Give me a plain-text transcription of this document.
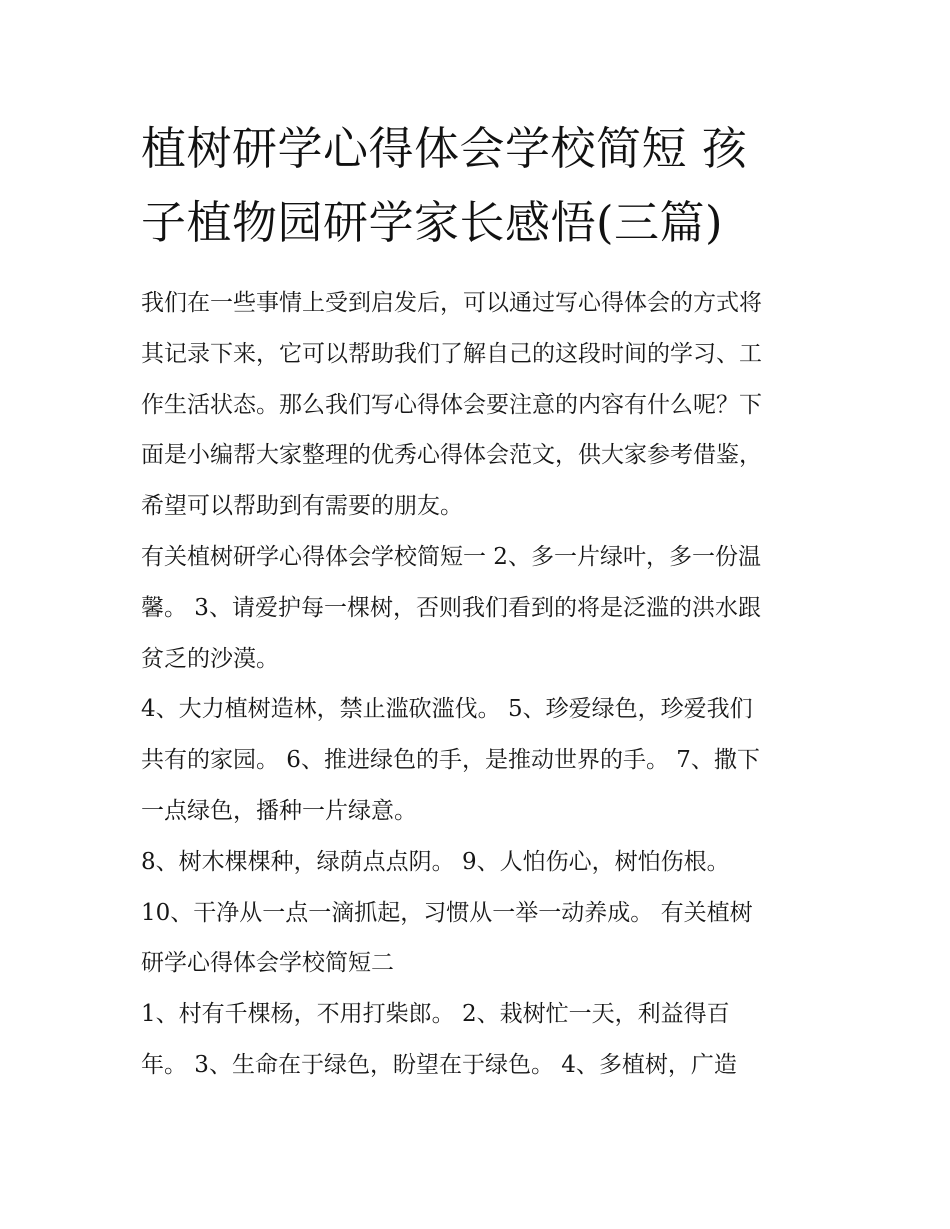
植树研学心得体会学校简短 孩
子植物园研学家长感悟(三篇)

我们在一些事情上受到启发后，可以通过写心得体会的方式将
其记录下来，它可以帮助我们了解自己的这段时间的学习、工
作生活状态。那么我们写心得体会要注意的内容有什么呢？下
面是小编帮大家整理的优秀心得体会范文，供大家参考借鉴，
希望可以帮助到有需要的朋友。

有关植树研学心得体会学校简短一 2、多一片绿叶，多一份温
馨。 3、请爱护每一棵树，否则我们看到的将是泛滥的洪水跟
贫乏的沙漠。

4、大力植树造林，禁止滥砍滥伐。 5、珍爱绿色，珍爱我们
共有的家园。 6、推进绿色的手，是推动世界的手。 7、撒下
一点绿色，播种一片绿意。

8、树木棵棵种，绿荫点点阴。 9、人怕伤心，树怕伤根。

10、干净从一点一滴抓起，习惯从一举一动养成。 有关植树
研学心得体会学校简短二

1、村有千棵杨，不用打柴郎。 2、栽树忙一天，利益得百
年。 3、生命在于绿色，盼望在于绿色。 4、多植树，广造
